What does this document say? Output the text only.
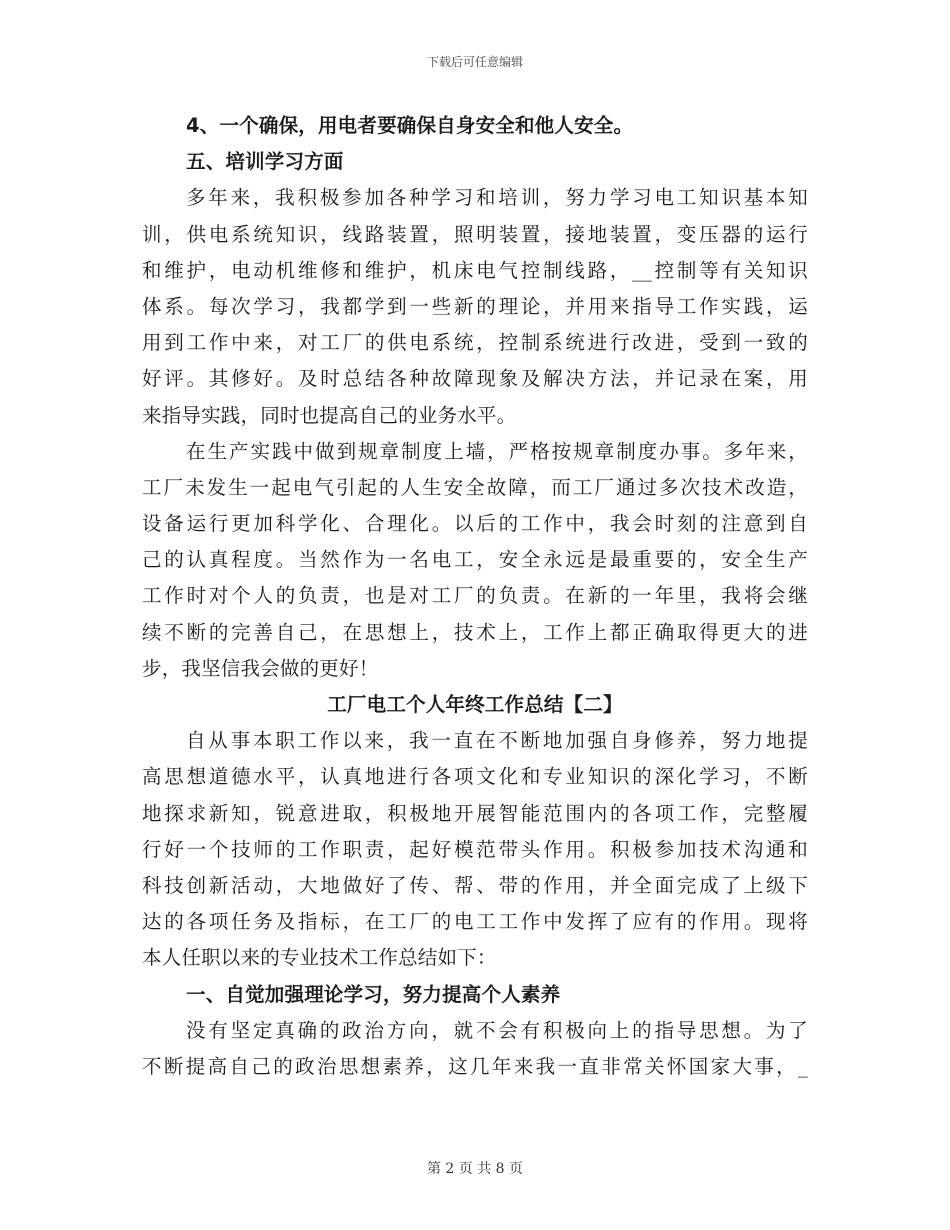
下载后可任意编辑
4、一个确保，用电者要确保自身安全和他人安全。
五、培训学习方面
多年来，我积极参加各种学习和培训，努力学习电工知识基本知
训，供电系统知识，线路装置，照明装置，接地装置，变压器的运行
和维护，电动机维修和维护，机床电气控制线路，__控制等有关知识
体系。每次学习，我都学到一些新的理论，并用来指导工作实践，运
用到工作中来，对工厂的供电系统，控制系统进行改进，受到一致的
好评。其修好。及时总结各种故障现象及解决方法，并记录在案，用
来指导实践，同时也提高自己的业务水平。
在生产实践中做到规章制度上墙，严格按规章制度办事。多年来，
工厂未发生一起电气引起的人生安全故障，而工厂通过多次技术改造，
设备运行更加科学化、合理化。以后的工作中，我会时刻的注意到自
己的认真程度。当然作为一名电工，安全永远是最重要的，安全生产
工作时对个人的负责，也是对工厂的负责。在新的一年里，我将会继
续不断的完善自己，在思想上，技术上，工作上都正确取得更大的进
步，我坚信我会做的更好！
工厂电工个人年终工作总结【二】
自从事本职工作以来，我一直在不断地加强自身修养，努力地提
高思想道德水平，认真地进行各项文化和专业知识的深化学习，不断
地探求新知，锐意进取，积极地开展智能范围内的各项工作，完整履
行好一个技师的工作职责，起好模范带头作用。积极参加技术沟通和
科技创新活动，大地做好了传、帮、带的作用，并全面完成了上级下
达的各项任务及指标，在工厂的电工工作中发挥了应有的作用。现将
本人任职以来的专业技术工作总结如下：
一、自觉加强理论学习，努力提高个人素养
没有坚定真确的政治方向，就不会有积极向上的指导思想。为了
不断提高自己的政治思想素养，这几年来我一直非常关怀国家大事，_
第 2 页 共 8 页
